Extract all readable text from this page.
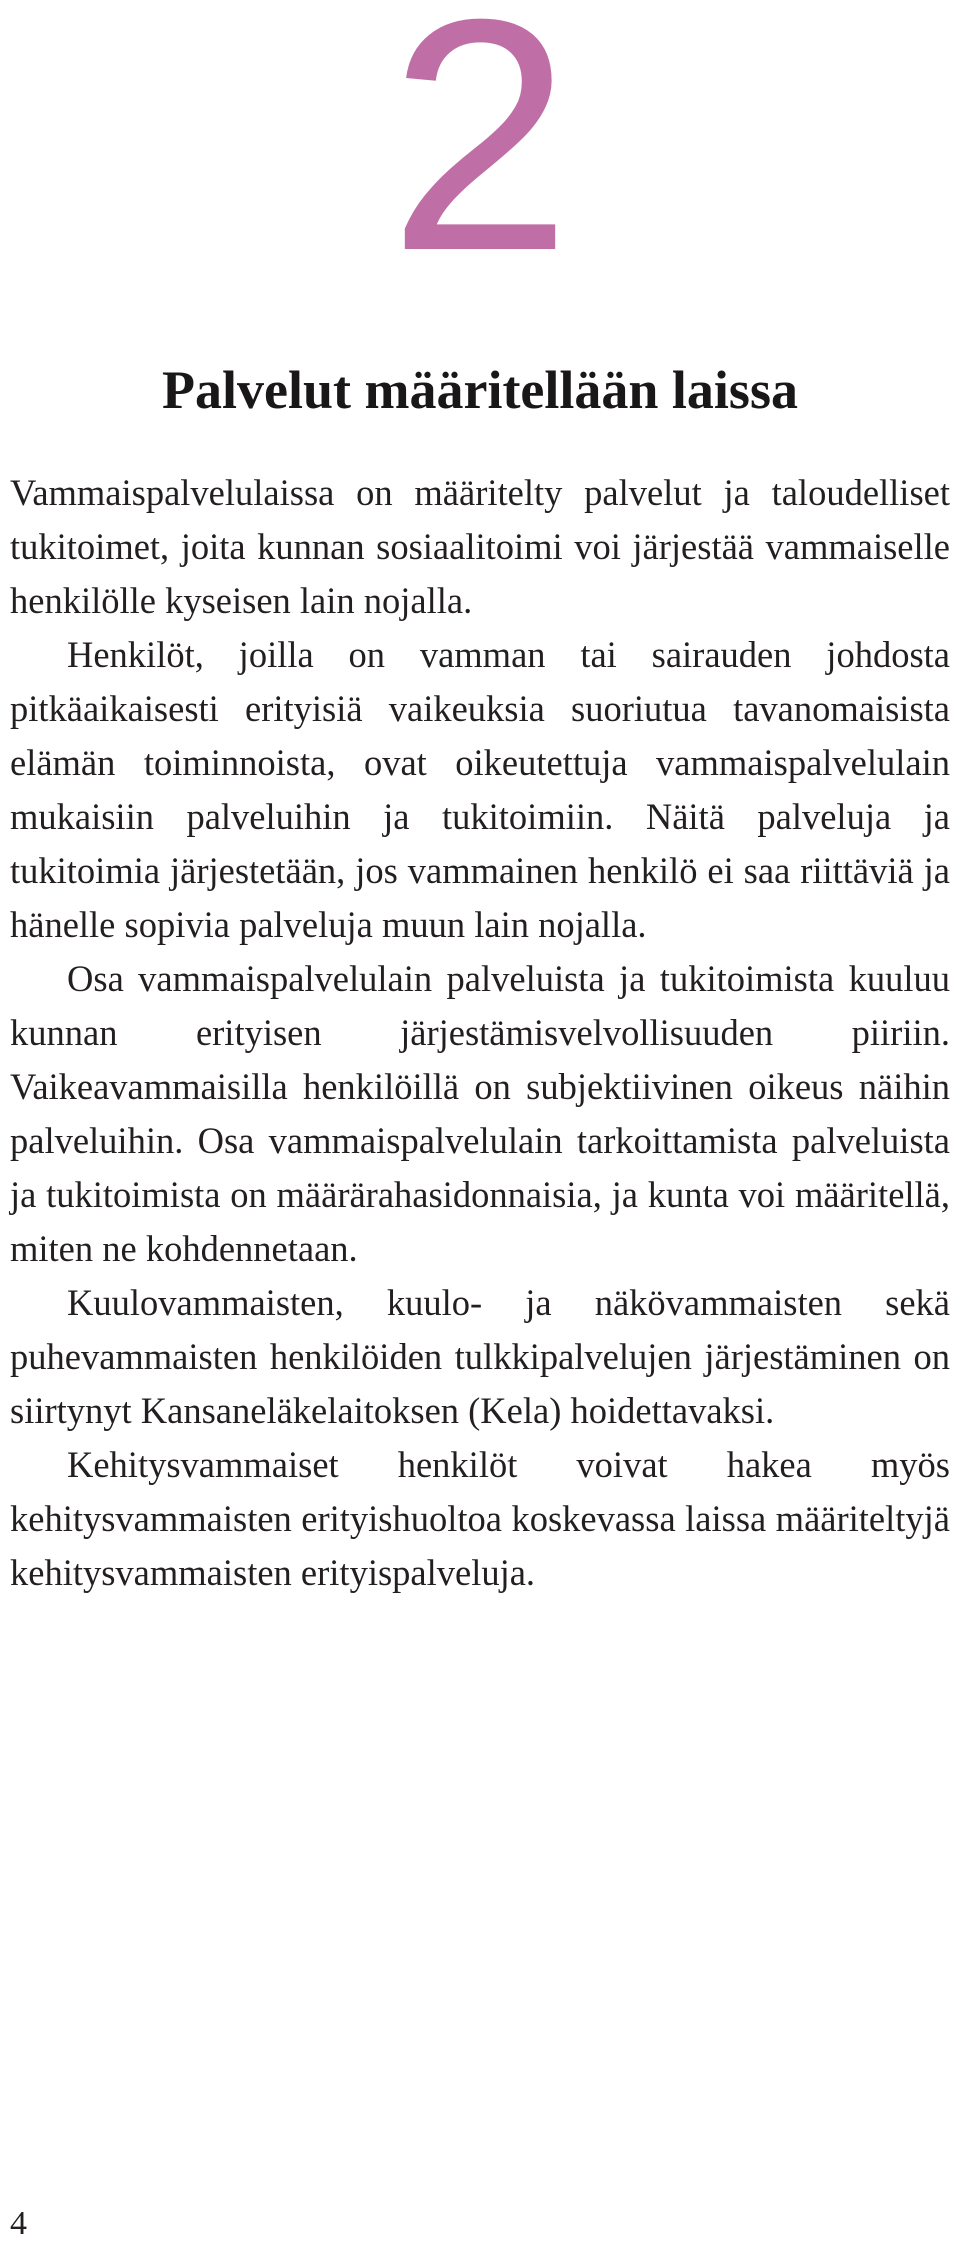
2
Palvelut määritellään laissa

Vammaispalvelulaissa on määritelty palvelut ja taloudelliset tukitoimet, joita kunnan sosiaalitoimi voi järjestää vammaiselle henkilölle kyseisen lain nojalla.

Henkilöt, joilla on vamman tai sairauden johdosta pitkäaikaisesti erityisiä vaikeuksia suoriutua tavanomaisista elämän toiminnoista, ovat oikeutettuja vammaispalvelulain mukaisiin palveluihin ja tukitoimiin. Näitä palveluja ja tukitoimia järjestetään, jos vammainen henkilö ei saa riittäviä ja hänelle sopivia palveluja muun lain nojalla.

Osa vammaispalvelulain palveluista ja tukitoimista kuuluu kunnan erityisen järjestämisvelvollisuuden piiriin. Vaikeavammaisilla henkilöillä on subjektiivinen oikeus näihin palveluihin. Osa vammaispalvelulain tarkoittamista palveluista ja tukitoimista on määrärahasidonnaisia, ja kunta voi määritellä, miten ne kohdennetaan.

Kuulovammaisten, kuulo- ja näkövammaisten sekä puhevammaisten henkilöiden tulkkipalvelujen järjestäminen on siirtynyt Kansaneläkelaitoksen (Kela) hoidettavaksi.

Kehitysvammaiset henkilöt voivat hakea myös kehitysvammaisten erityishuoltoa koskevassa laissa määriteltyjä kehitysvammaisten erityispalveluja.

4
